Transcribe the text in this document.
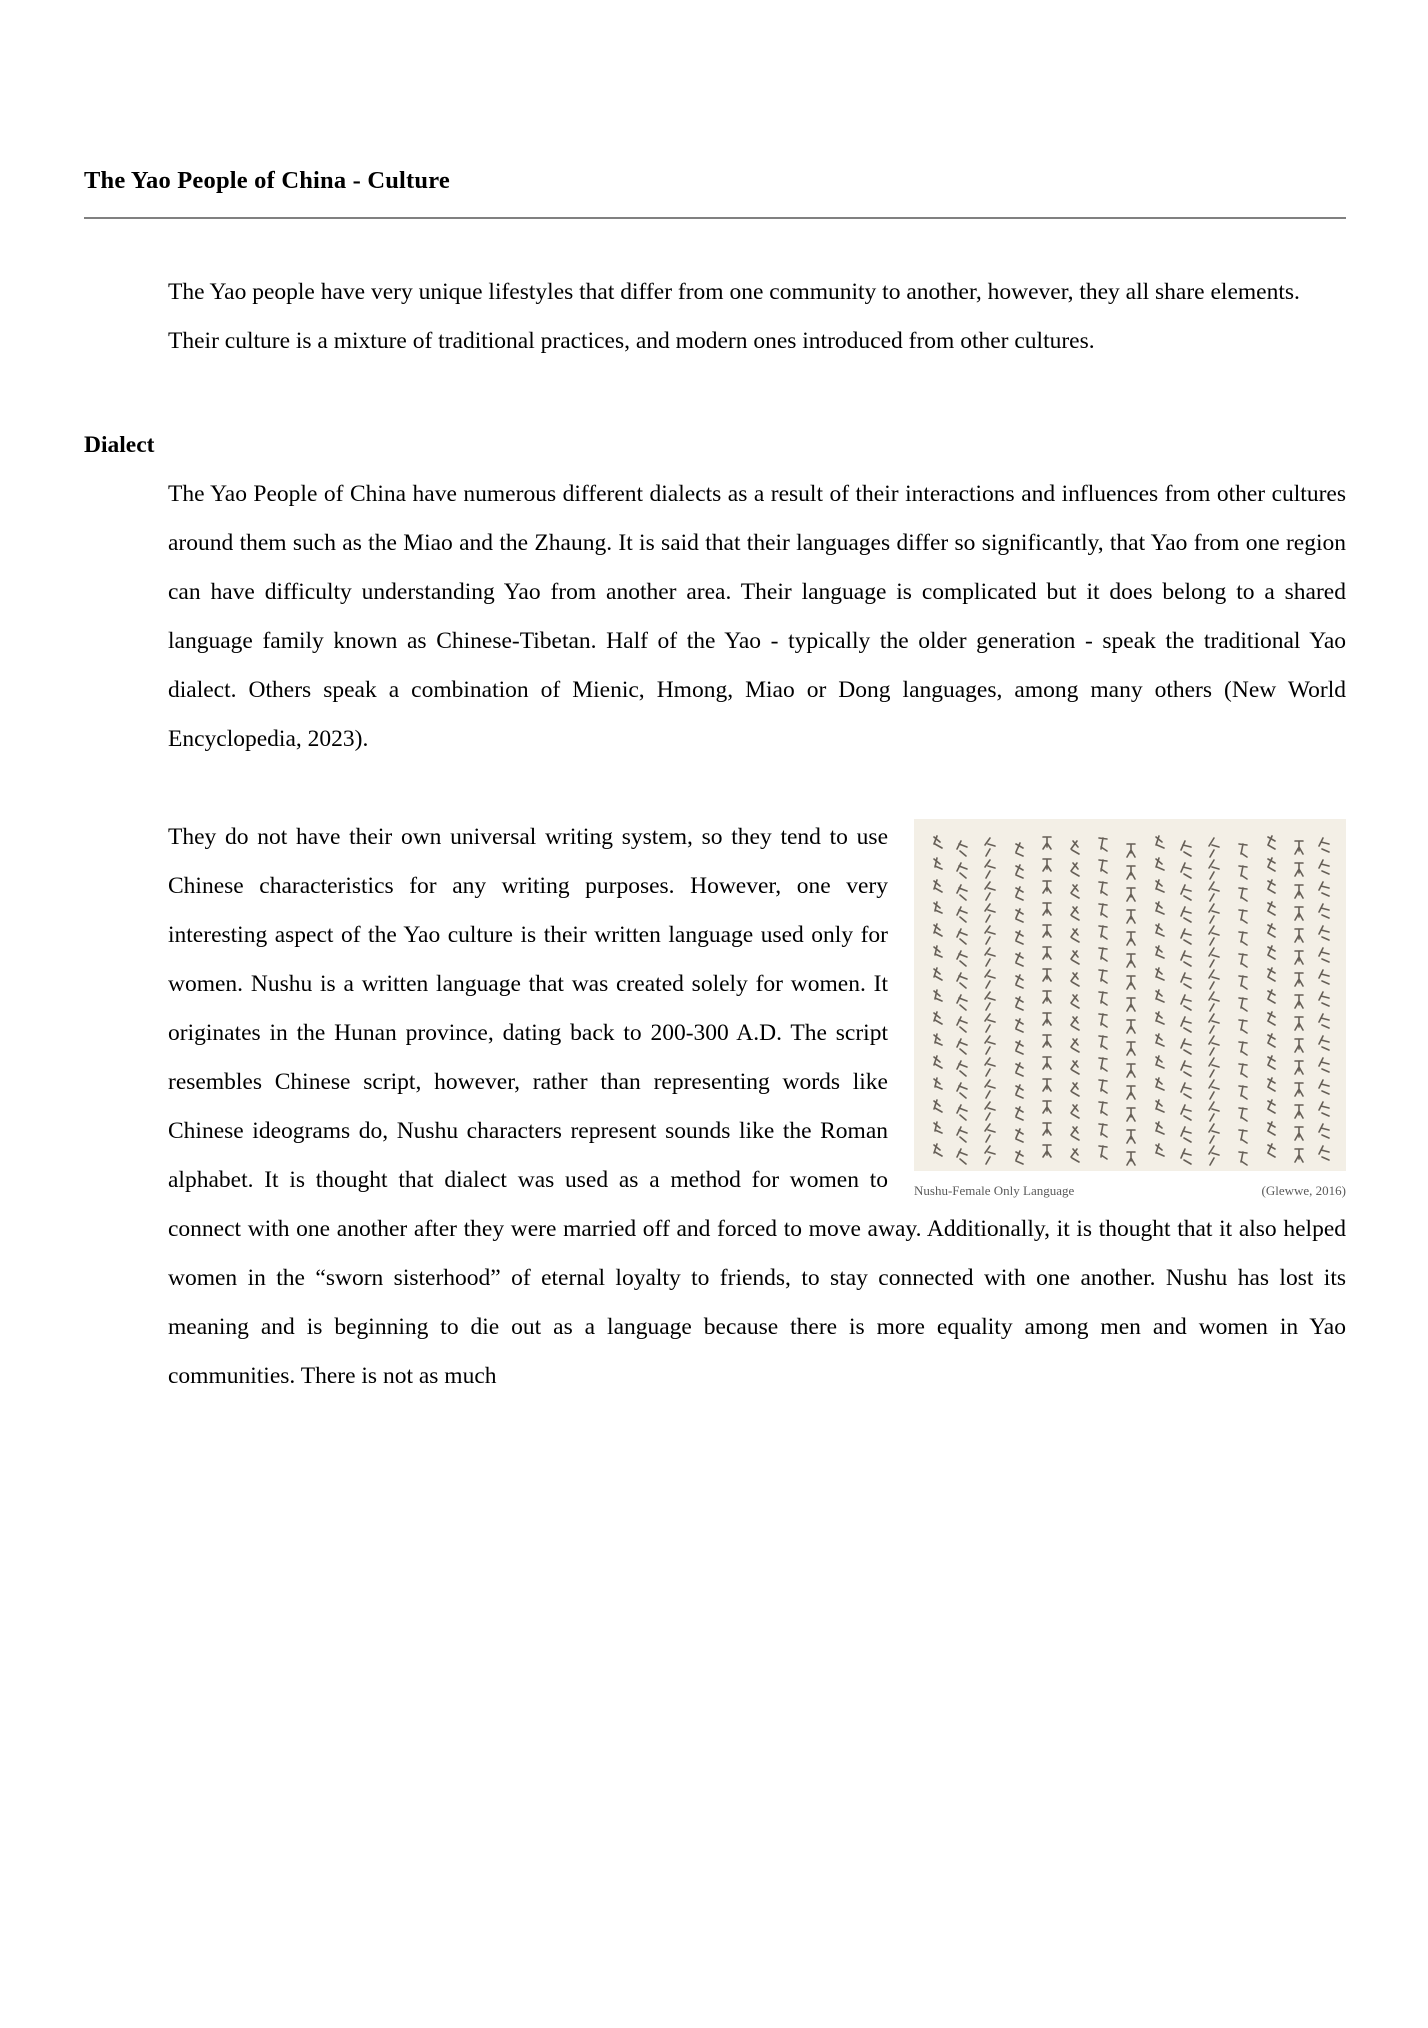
The Yao People of China - Culture

The Yao people have very unique lifestyles that differ from one community to another, however, they all share elements. Their culture is a mixture of traditional practices, and modern ones introduced from other cultures.

Dialect

The Yao People of China have numerous different dialects as a result of their interactions and influences from other cultures around them such as the Miao and the Zhaung. It is said that their languages differ so significantly, that Yao from one region can have difficulty understanding Yao from another area. Their language is complicated but it does belong to a shared language family known as Chinese-Tibetan. Half of the Yao - typically the older generation - speak the traditional Yao dialect. Others speak a combination of Mienic, Hmong, Miao or Dong languages, among many others (New World Encyclopedia, 2023).

Nushu-Female Only Language	(Glewwe, 2016)

They do not have their own universal writing system, so they tend to use Chinese characteristics for any writing purposes. However, one very interesting aspect of the Yao culture is their written language used only for women. Nushu is a written language that was created solely for women. It originates in the Hunan province, dating back to 200-300 A.D. The script resembles Chinese script, however, rather than representing words like Chinese ideograms do, Nushu characters represent sounds like the Roman alphabet. It is thought that dialect was used as a method for women to connect with one another after they were married off and forced to move away. Additionally, it is thought that it also helped women in the “sworn sisterhood” of eternal loyalty to friends, to stay connected with one another. Nushu has lost its meaning and is beginning to die out as a language because there is more equality among men and women in Yao communities. There is not as much
